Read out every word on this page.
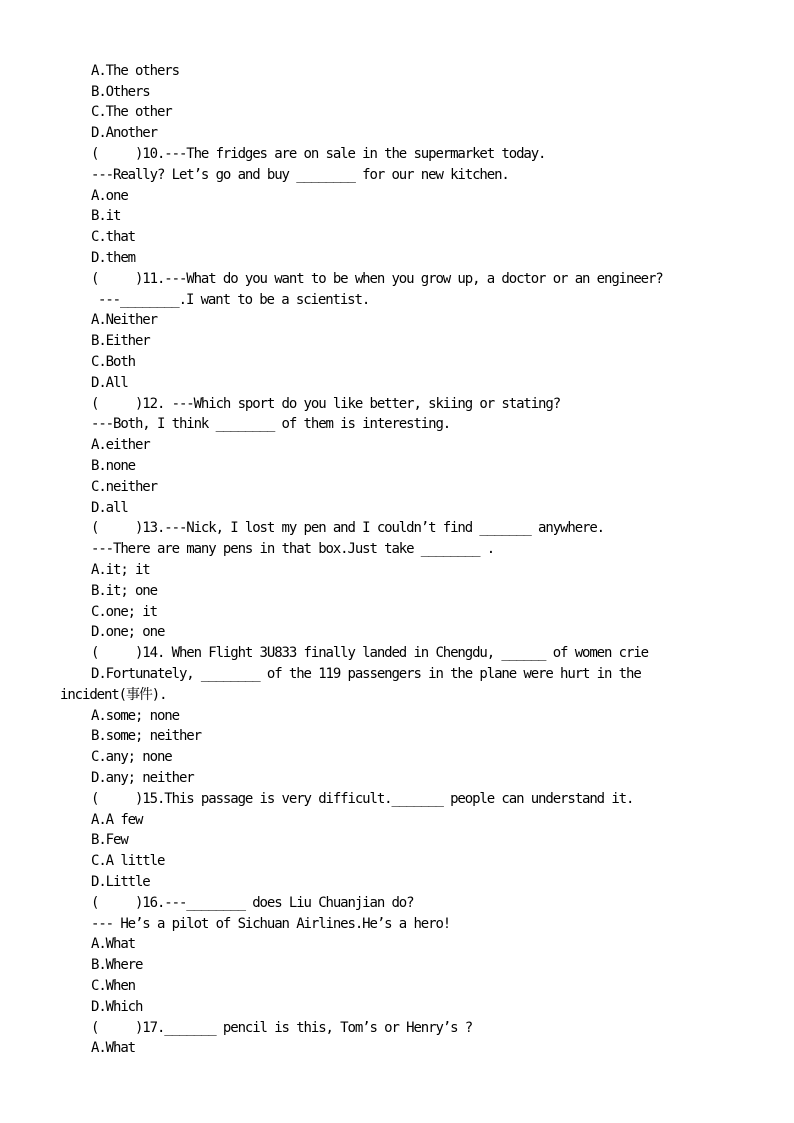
A.The others
B.Others
C.The other
D.Another
(     )10.---The fridges are on sale in the supermarket today.
---Really? Let’s go and buy ________ for our new kitchen.
A.one
B.it
C.that
D.them
(     )11.---What do you want to be when you grow up, a doctor or an engineer?
---________.I want to be a scientist.
A.Neither
B.Either
C.Both
D.All
(     )12. ---Which sport do you like better, skiing or stating?
---Both, I think ________ of them is interesting.
A.either
B.none
C.neither
D.all
(     )13.---Nick, I lost my pen and I couldn’t find _______ anywhere.
---There are many pens in that box.Just take ________ .
A.it; it
B.it; one
C.one; it
D.one; one
(     )14. When Flight 3U833 finally landed in Chengdu, ______ of women crie
D.Fortunately, ________ of the 119 passengers in the plane were hurt in the
incident(事件).
A.some; none
B.some; neither
C.any; none
D.any; neither
(     )15.This passage is very difficult._______ people can understand it.
A.A few
B.Few
C.A little
D.Little
(     )16.---________ does Liu Chuanjian do?
--- He’s a pilot of Sichuan Airlines.He’s a hero!
A.What
B.Where
C.When
D.Which
(     )17._______ pencil is this, Tom’s or Henry’s ?
A.What
